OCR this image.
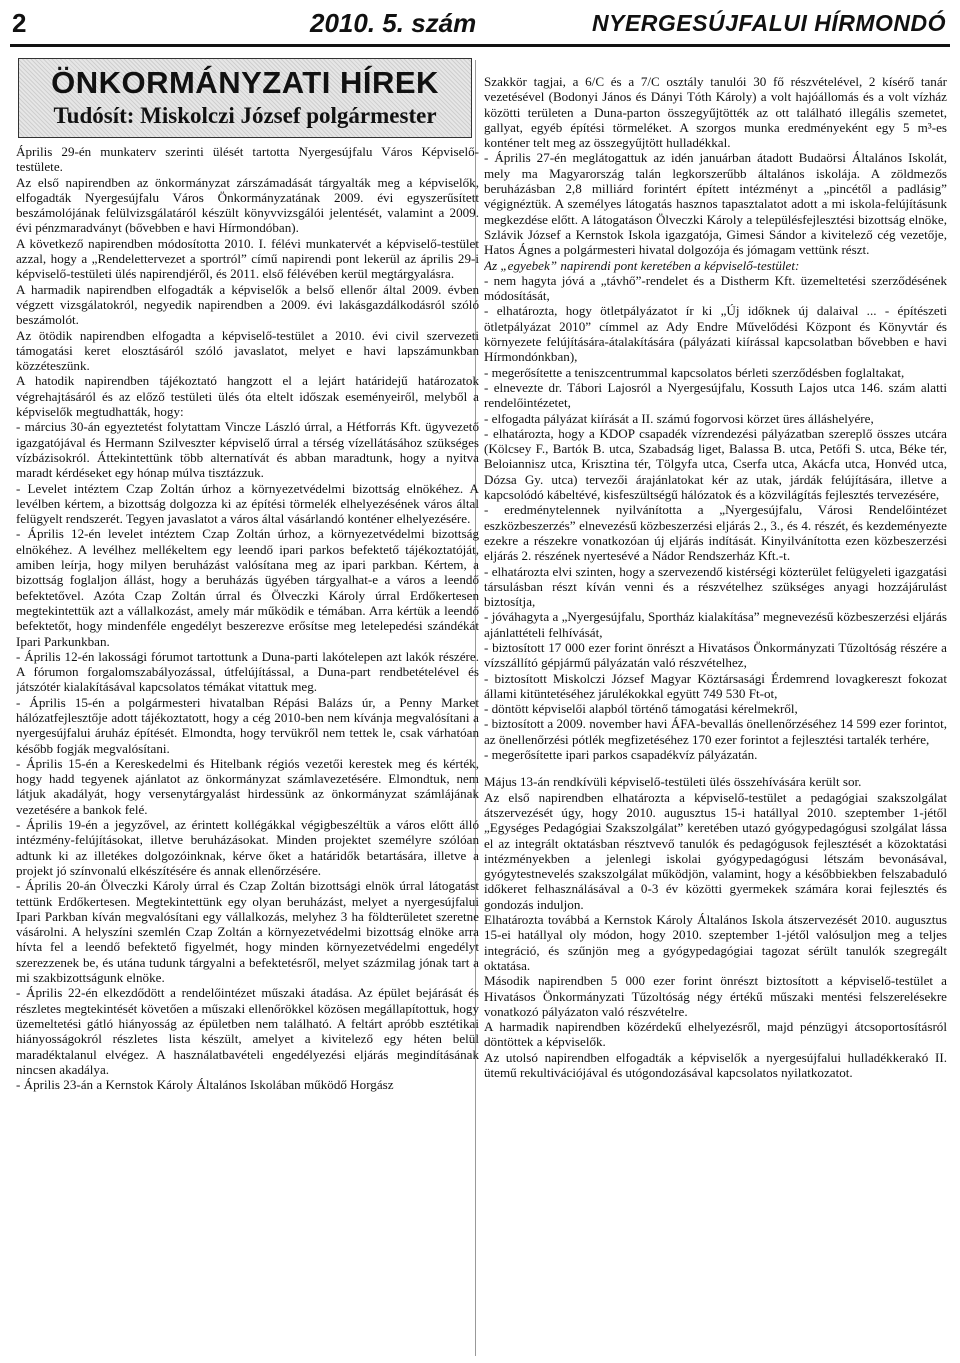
2	2010. 5. szám	NYERGESÚJFALUI HÍRMONDÓ
ÖNKORMÁNYZATI HÍREK
Tudósít: Miskolczi József polgármester

Április 29-én munkaterv szerinti ülését tartotta Nyergesújfalu Város Képviselő-testülete.

Az első napirendben az önkormányzat zárszámadását tárgyalták meg a képviselők, elfogadták Nyergesújfalu Város Önkormányzatának 2009. évi egyszerűsített beszámolójának felülvizsgálatáról készült könyvvizsgálói jelentését, valamint a 2009. évi pénzmaradványt (bővebben e havi Hírmondóban).

A következő napirendben módosította 2010. I. félévi munkatervét a képviselő-testület azzal, hogy a „Rendelettervezet a sportról” című napirendi pont lekerül az április 29-i képviselő-testületi ülés napirendjéről, és 2011. első félévében kerül megtárgyalásra.

A harmadik napirendben elfogadták a képviselők a belső ellenőr által 2009. évben végzett vizsgálatokról, negyedik napirendben a 2009. évi lakásgazdálkodásról szóló beszámolót.

Az ötödik napirendben elfogadta a képviselő-testület a 2010. évi civil szervezeti támogatási keret elosztásáról szóló javaslatot, melyet e havi lapszámunkban közzéteszünk.

A hatodik napirendben tájékoztató hangzott el a lejárt határidejű határozatok végrehajtásáról és az előző testületi ülés óta eltelt időszak eseményeiről, melyből a képviselők megtudhatták, hogy:

- március 30-án egyeztetést folytattam Vincze László úrral, a Hétforrás Kft. ügyvezető igazgatójával és Hermann Szilveszter képviselő úrral a térség vízellátásához szükséges vízbázisokról. Áttekintettünk több alternatívát és abban maradtunk, hogy a nyitva maradt kérdéseket egy hónap múlva tisztázzuk.

- Levelet intéztem Czap Zoltán úrhoz a környezetvédelmi bizottság elnökéhez. A levélben kértem, a bizottság dolgozza ki az építési törmelék elhelyezésének város által felügyelt rendszerét. Tegyen javaslatot a város által vásárlandó konténer elhelyezésére.

- Április 12-én levelet intéztem Czap Zoltán úrhoz, a környezetvédelmi bizottság elnökéhez. A levélhez mellékeltem egy leendő ipari parkos befektető tájékoztatóját, amiben leírja, hogy milyen beruházást valósítana meg az ipari parkban. Kértem, a bizottság foglaljon állást, hogy a beruházás ügyében tárgyalhat-e a város a leendő befektetővel. Azóta Czap Zoltán úrral és Ölveczki Károly úrral Erdőkertesen megtekintettük azt a vállalkozást, amely már működik e témában. Arra kértük a leendő befektetőt, hogy mindenféle engedélyt beszerezve erősítse meg letelepedési szándékát Ipari Parkunkban.

- Április 12-én lakossági fórumot tartottunk a Duna-parti lakótelepen azt lakók részére. A fórumon forgalomszabályozással, útfelújítással, a Duna-part rendbetételével és játszótér kialakításával kapcsolatos témákat vitattuk meg.

- Április 15-én a polgármesteri hivatalban Répási Balázs úr, a Penny Market hálózatfejlesztője adott tájékoztatott, hogy a cég 2010-ben nem kívánja megvalósítani a nyergesújfalui áruház építését. Elmondta, hogy tervükről nem tettek le, csak várhatóan később fogják megvalósítani.

- Április 15-én a Kereskedelmi és Hitelbank régiós vezetői kerestek meg és kérték, hogy hadd tegyenek ajánlatot az önkormányzat számlavezetésére. Elmondtuk, nem látjuk akadályát, hogy versenytárgyalást hirdessünk az önkormányzat számlájának vezetésére a bankok felé.

- Április 19-én a jegyzővel, az érintett kollégákkal végigbeszéltük a város előtt álló intézmény-felújításokat, illetve beruházásokat. Minden projektet személyre szólóan adtunk ki az illetékes dolgozóinknak, kérve őket a határidők betartására, illetve a projekt jó színvonalú elkészítésére és annak ellenőrzésére.

- Április 20-án Ölveczki Károly úrral és Czap Zoltán bizottsági elnök úrral látogatást tettünk Erdőkertesen. Megtekintettünk egy olyan beruházást, melyet a nyergesújfalui Ipari Parkban kíván megvalósítani egy vállalkozás, melyhez 3 ha földterületet szeretne vásárolni. A helyszíni szemlén Czap Zoltán a környezetvédelmi bizottság elnöke arra hívta fel a leendő befektető figyelmét, hogy minden környezetvédelmi engedélyt szerezzenek be, és utána tudunk tárgyalni a befektetésről, melyet százmilag jónak tart a mi szakbizottságunk elnöke.

- Április 22-én elkezdődött a rendelőintézet műszaki átadása. Az épület bejárását és részletes megtekintését követően a műszaki ellenőrökkel közösen megállapítottuk, hogy üzemeltetési gátló hiányosság az épületben nem található. A feltárt apróbb esztétikai hiányosságokról részletes lista készült, amelyet a kivitelező egy héten belül maradéktalanul elvégez. A használatbavételi engedélyezési eljárás megindításának nincsen akadálya.

- Április 23-án a Kernstok Károly Általános Iskolában működő Horgász

Szakkör tagjai, a 6/C és a 7/C osztály tanulói 30 fő részvételével, 2 kísérő tanár vezetésével (Bodonyi János és Dányi Tóth Károly) a volt hajóállomás és a volt vízház közötti területen a Duna-parton összegyűjtötték az ott található illegális szemetet, gallyat, egyéb építési törmeléket. A szorgos munka eredményeként egy 5 m³-es konténer telt meg az összegyűjtött hulladékkal.

- Április 27-én meglátogattuk az idén januárban átadott Budaörsi Általános Iskolát, mely ma Magyarország talán legkorszerűbb általános iskolája. A zöldmezős beruházásban 2,8 milliárd forintért épített intézményt a „pincétől a padlásig” végignéztük. A személyes látogatás hasznos tapasztalatot adott a mi iskola-felújításunk megkezdése előtt. A látogatáson Ölveczki Károly a településfejlesztési bizottság elnöke, Szlávik József a Kernstok Iskola igazgatója, Gimesi Sándor a kivitelező cég vezetője, Hatos Ágnes a polgármesteri hivatal dolgozója és jómagam vettünk részt.

Az „egyebek” napirendi pont keretében a képviselő-testület:

- nem hagyta jóvá a „távhő”-rendelet és a Distherm Kft. üzemeltetési szerződésének módosítását,

- elhatározta, hogy ötletpályázatot ír ki „Új időknek új dalaival ... - építészeti ötletpályázat 2010” címmel az Ady Endre Művelődési Központ és Könyvtár és környezete felújítására-átalakítására (pályázati kiírással kapcsolatban bővebben e havi Hírmondónkban),

- megerősítette a teniszcentrummal kapcsolatos bérleti szerződésben foglaltakat,

- elnevezte dr. Tábori Lajosról a Nyergesújfalu, Kossuth Lajos utca 146. szám alatti rendelőintézetet,

- elfogadta pályázat kiírását a II. számú fogorvosi körzet üres álláshelyére,

- elhatározta, hogy a KDOP csapadék vízrendezési pályázatban szereplő összes utcára (Kölcsey F., Bartók B. utca, Szabadság liget, Balassa B. utca, Petőfi S. utca, Béke tér, Beloiannisz utca, Krisztina tér, Tölgyfa utca, Cserfa utca, Akácfa utca, Honvéd utca, Dózsa Gy. utca) tervezői árajánlatokat kér az utak, járdák felújítására, illetve a kapcsolódó kábeltévé, kisfeszültségű hálózatok és a közvilágítás fejlesztés tervezésére,

- eredménytelennek nyilvánította a „Nyergesújfalu, Városi Rendelőintézet eszközbeszerzés” elnevezésű közbeszerzési eljárás 2., 3., és 4. részét, és kezdeményezte ezekre a részekre vonatkozóan új eljárás indítását. Kinyilvánította ezen közbeszerzési eljárás 2. részének nyertesévé a Nádor Rendszerház Kft.-t.

- elhatározta elvi szinten, hogy a szervezendő kistérségi közterület felügyeleti igazgatási társulásban részt kíván venni és a részvételhez szükséges anyagi hozzájárulást biztosítja,

- jóváhagyta a „Nyergesújfalu, Sportház kialakítása” megnevezésű közbeszerzési eljárás ajánlattételi felhívását,

- biztosított 17 000 ezer forint önrészt a Hivatásos Önkormányzati Tűzoltóság részére a vízszállító gépjármű pályázatán való részvételhez,

- biztosított Miskolczi József Magyar Köztársasági Érdemrend lovagkereszt fokozat állami kitüntetéséhez járulékokkal együtt 749 530 Ft-ot,

- döntött képviselői alapból történő támogatási kérelmekről,

- biztosított a 2009. november havi ÁFA-bevallás önellenőrzéséhez 14 599 ezer forintot, az önellenőrzési pótlék megfizetéséhez 170 ezer forintot a fejlesztési tartalék terhére,

- megerősítette ipari parkos csapadékvíz pályázatán.

Május 13-án rendkívüli képviselő-testületi ülés összehívására került sor.

Az első napirendben elhatározta a képviselő-testület a pedagógiai szakszolgálat átszervezését úgy, hogy 2010. augusztus 15-i hatállyal 2010. szeptember 1-jétől „Egységes Pedagógiai Szakszolgálat” keretében utazó gyógypedagógusi szolgálat lássa el az integrált oktatásban résztvevő tanulók és pedagógusok fejlesztését a közoktatási intézményekben a jelenlegi iskolai gyógypedagógusi létszám bevonásával, gyógytestnevelés szakszolgálat működjön, valamint, hogy a későbbiekben felszabaduló időkeret felhasználásával a 0-3 év közötti gyermekek számára korai fejlesztés és gondozás induljon.

Elhatározta továbbá a Kernstok Károly Általános Iskola átszervezését 2010. augusztus 15-ei hatállyal oly módon, hogy 2010. szeptember 1-jétől valósuljon meg a teljes integráció, és szűnjön meg a gyógypedagógiai tagozat sérült tanulók szegregált oktatása.

Második napirendben 5 000 ezer forint önrészt biztosított a képviselő-testület a Hivatásos Önkormányzati Tűzoltóság négy értékű műszaki mentési felszerelésekre vonatkozó pályázaton való részvételre.

A harmadik napirendben közérdekű elhelyezésről, majd pénzügyi átcsoportosításról döntöttek a képviselők.

Az utolsó napirendben elfogadták a képviselők a nyergesújfalui hulladékkerakó II. ütemű rekultivációjával és utógondozásával kapcsolatos nyilatkozatot.
